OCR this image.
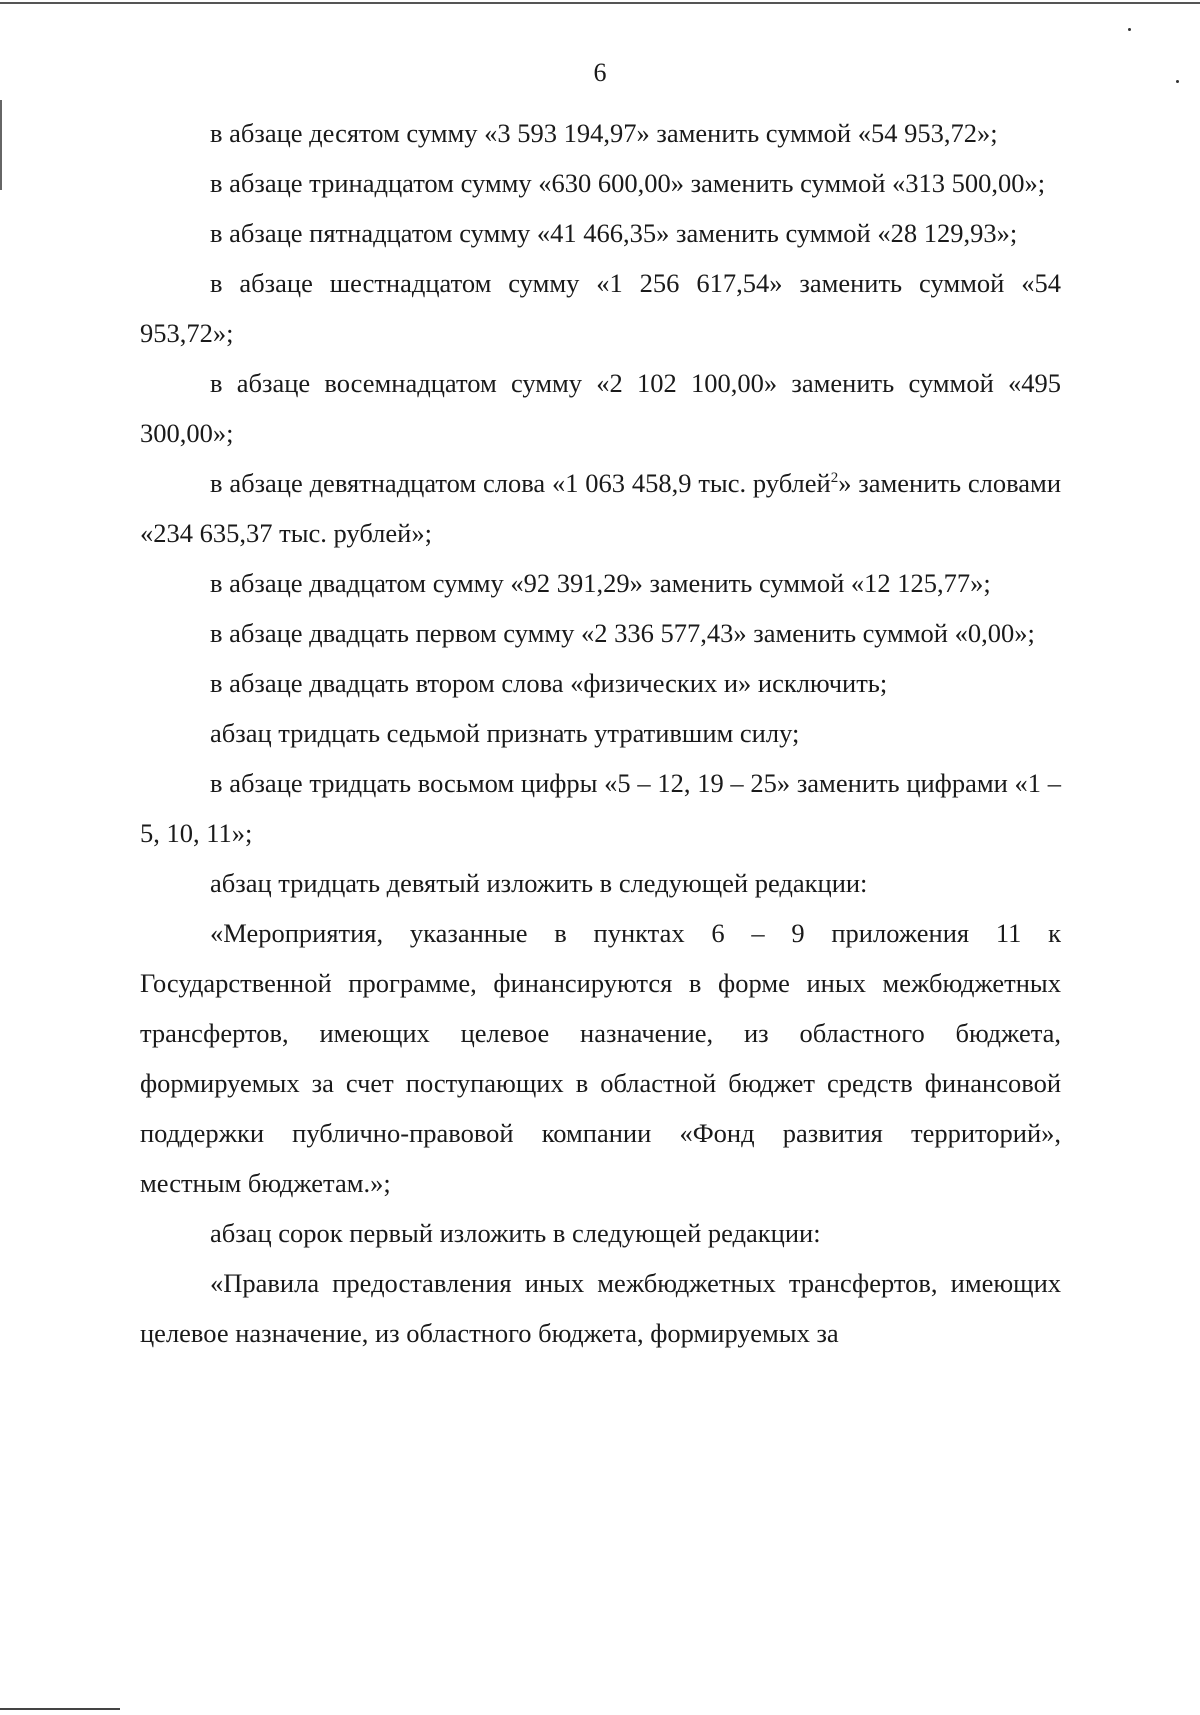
6

в абзаце десятом сумму «3 593 194,97» заменить суммой «54 953,72»;

в абзаце тринадцатом сумму «630 600,00» заменить суммой «313 500,00»;

в абзаце пятнадцатом сумму «41 466,35» заменить суммой «28 129,93»;

в абзаце шестнадцатом сумму «1 256 617,54» заменить суммой «54 953,72»;

в абзаце восемнадцатом сумму «2 102 100,00» заменить суммой «495 300,00»;

в абзаце девятнадцатом слова «1 063 458,9 тыс. рублей$^2$» заменить словами «234 635,37 тыс. рублей»;

в абзаце двадцатом сумму «92 391,29» заменить суммой «12 125,77»;

в абзаце двадцать первом сумму «2 336 577,43» заменить суммой «0,00»;

в абзаце двадцать втором слова «физических и» исключить;

абзац тридцать седьмой признать утратившим силу;

в абзаце тридцать восьмом цифры «5 – 12, 19 – 25» заменить цифрами «1 – 5, 10, 11»;

абзац тридцать девятый изложить в следующей редакции:

«Мероприятия, указанные в пунктах 6 – 9 приложения 11 к Государственной программе, финансируются в форме иных межбюджетных трансфертов, имеющих целевое назначение, из областного бюджета, формируемых за счет поступающих в областной бюджет средств финансовой поддержки публично-правовой компании «Фонд развития территорий», местным бюджетам.»;

абзац сорок первый изложить в следующей редакции:

«Правила предоставления иных межбюджетных трансфертов, имеющих целевое назначение, из областного бюджета, формируемых за
